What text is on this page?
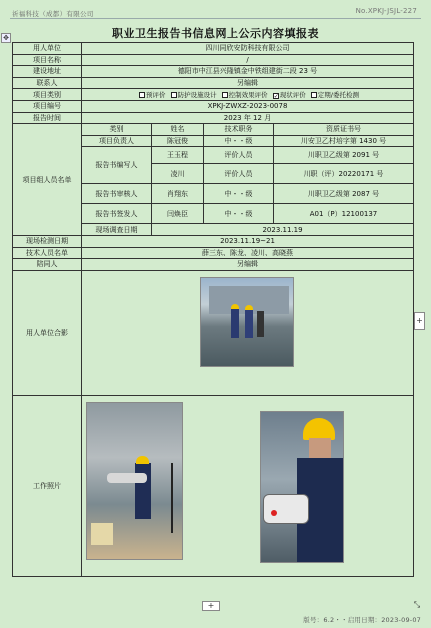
祈福科技（成都）有限公司	No.XPKJ-JSJL-227
✥	职业卫生报告书信息网上公示内容填报表
用人单位	四川同欣安防科技有限公司			
项目名称	/			
建设地址	德阳市中江县兴隆镇金中铁组建街二段 23 号			
联系人	另编辑			
项目类别	预评价 防护设施设计 控制效果评价 ✓ 现状评价 定期/委托检测
项目编号	XPKJ-ZWXZ-2023-0078			
报告时间	2023 年 12 月			
项目组人员名单	类别	姓名	技术职务	资质证书号
	项目负责人	陈冠俊	中・・级	川安卫乙村培字第 1430 号
	报告书编写人	王玉程	评价人员	川职卫乙级第 2091 号
		凌川	评价人员	川职（评）20220171 号
	报告书审核人	肖翔东	中・・级	川职卫乙级第 2087 号
	报告书签发人	闫焕臣	中・・级	A01（P）12100137
	现场调查日期	2023.11.19		
现场检测日期	2023.11.19~21			
技术人员名单	薛三东、陈龙、凌川、高晓燕			
陪同人	另编辑			
用人单位合影				

工作照片				
+
+	⤡
版号：6.2・・启用日期：2023-09-07
